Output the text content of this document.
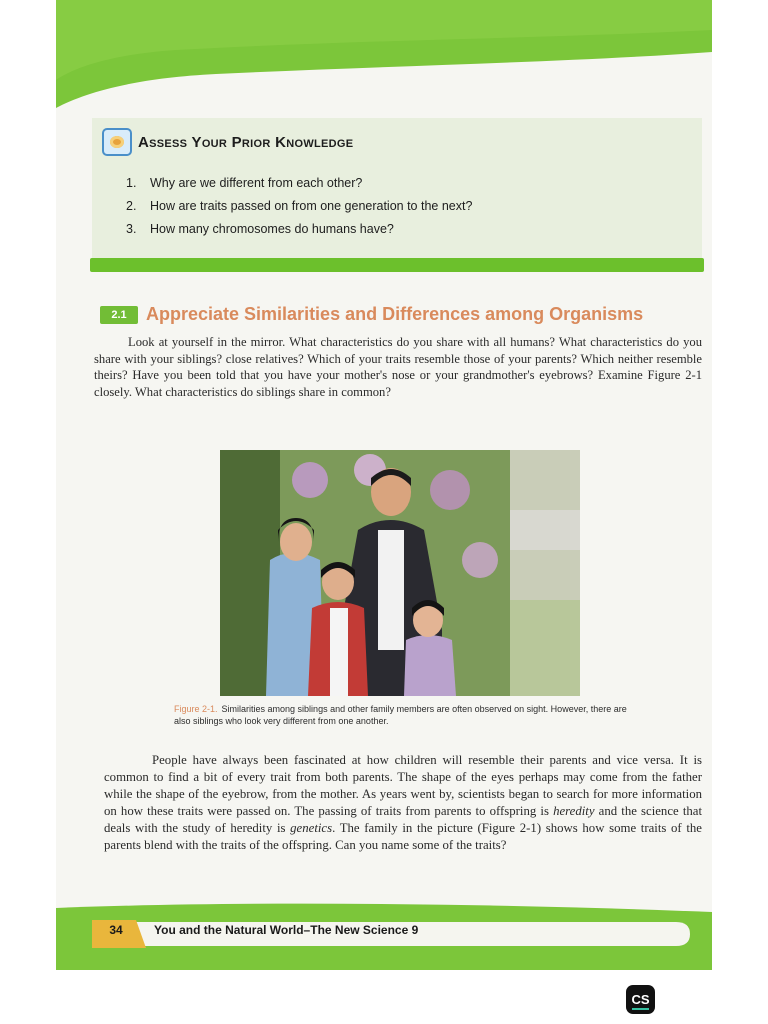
Assess Your Prior Knowledge
1.	Why are we different from each other?
2.	How are traits passed on from one generation to the next?
3.	How many chromosomes do humans have?
2.1	Appreciate Similarities and Differences among Organisms

Look at yourself in the mirror. What characteristics do you share with all humans? What characteristics do you share with your siblings? close relatives? Which of your traits resemble those of your parents? Which neither resemble theirs? Have you been told that you have your mother's nose or your grandmother's eyebrows? Examine Figure 2-1 closely. What characteristics do siblings share in common?

Figure 2-1. Similarities among siblings and other family members are often observed on sight. However, there are also siblings who look very different from one another.

People have always been fascinated at how children will resemble their parents and vice versa. It is common to find a bit of every trait from both parents. The shape of the eyes perhaps may come from the father while the shape of the eyebrow, from the mother. As years went by, scientists began to search for more information on how these traits were passed on. The passing of traits from parents to offspring is heredity and the science that deals with the study of heredity is genetics. The family in the picture (Figure 2-1) shows how some traits of the parents blend with the traits of the offspring. Can you name some of the traits?

34	You and the Natural World–The New Science 9
CS
